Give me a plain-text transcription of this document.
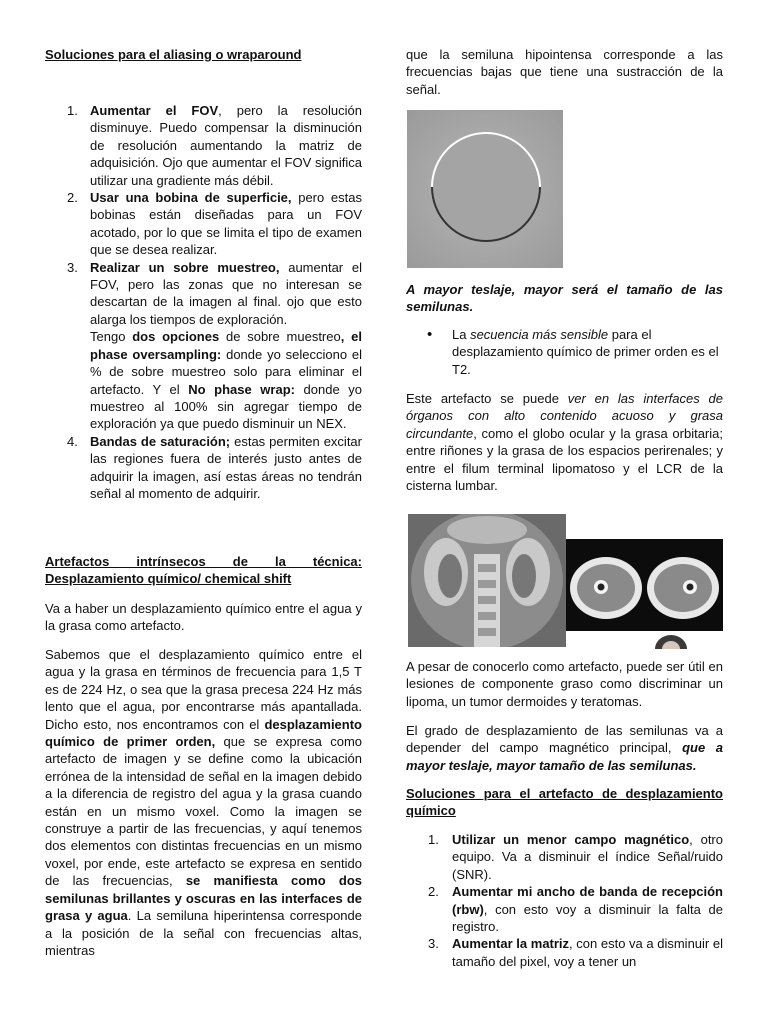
Soluciones para el aliasing o wraparound

1. Aumentar el FOV, pero la resolución disminuye. Puedo compensar la disminución de resolución aumentando la matriz de adquisición. Ojo que aumentar el FOV significa utilizar una gradiente más débil.
2. Usar una bobina de superficie, pero estas bobinas están diseñadas para un FOV acotado, por lo que se limita el tipo de examen que se desea realizar.
3. Realizar un sobre muestreo, aumentar el FOV, pero las zonas que no interesan se descartan de la imagen al final. ojo que esto alarga los tiempos de exploración.
Tengo dos opciones de sobre muestreo, el phase oversampling: donde yo selecciono el % de sobre muestreo solo para eliminar el artefacto. Y el No phase wrap: donde yo muestreo al 100% sin agregar tiempo de exploración ya que puedo disminuir un NEX.
4. Bandas de saturación; estas permiten excitar las regiones fuera de interés justo antes de adquirir la imagen, así estas áreas no tendrán señal al momento de adquirir.

Artefactos intrínsecos de la técnica: Desplazamiento químico/ chemical shift

Va a haber un desplazamiento químico entre el agua y la grasa como artefacto.

Sabemos que el desplazamiento químico entre el agua y la grasa en términos de frecuencia para 1,5 T es de 224 Hz, o sea que la grasa precesa 224 Hz más lento que el agua, por encontrarse más apantallada. Dicho esto, nos encontramos con el desplazamiento químico de primer orden, que se expresa como artefacto de imagen y se define como la ubicación errónea de la intensidad de señal en la imagen debido a la diferencia de registro del agua y la grasa cuando están en un mismo voxel. Como la imagen se construye a partir de las frecuencias, y aquí tenemos dos elementos con distintas frecuencias en un mismo voxel, por ende, este artefacto se expresa en sentido de las frecuencias, se manifiesta como dos semilunas brillantes y oscuras en las interfaces de grasa y agua. La semiluna hiperintensa corresponde a la posición de la señal con frecuencias altas, mientras

que la semiluna hipointensa corresponde a las frecuencias bajas que tiene una sustracción de la señal.

A mayor teslaje, mayor será el tamaño de las semilunas.

• La secuencia más sensible para el desplazamiento químico de primer orden es el T2.

Este artefacto se puede ver en las interfaces de órganos con alto contenido acuoso y grasa circundante, como el globo ocular y la grasa orbitaria; entre riñones y la grasa de los espacios perirenales; y entre el filum terminal lipomatoso y el LCR de la cisterna lumbar.

A pesar de conocerlo como artefacto, puede ser útil en lesiones de componente graso como discriminar un lipoma, un tumor dermoides y teratomas.

El grado de desplazamiento de las semilunas va a depender del campo magnético principal, que a mayor teslaje, mayor tamaño de las semilunas.

Soluciones para el artefacto de desplazamiento químico

1. Utilizar un menor campo magnético, otro equipo. Va a disminuir el índice Señal/ruido (SNR).
2. Aumentar mi ancho de banda de recepción (rbw), con esto voy a disminuir la falta de registro.
3. Aumentar la matriz, con esto va a disminuir el tamaño del pixel, voy a tener un
